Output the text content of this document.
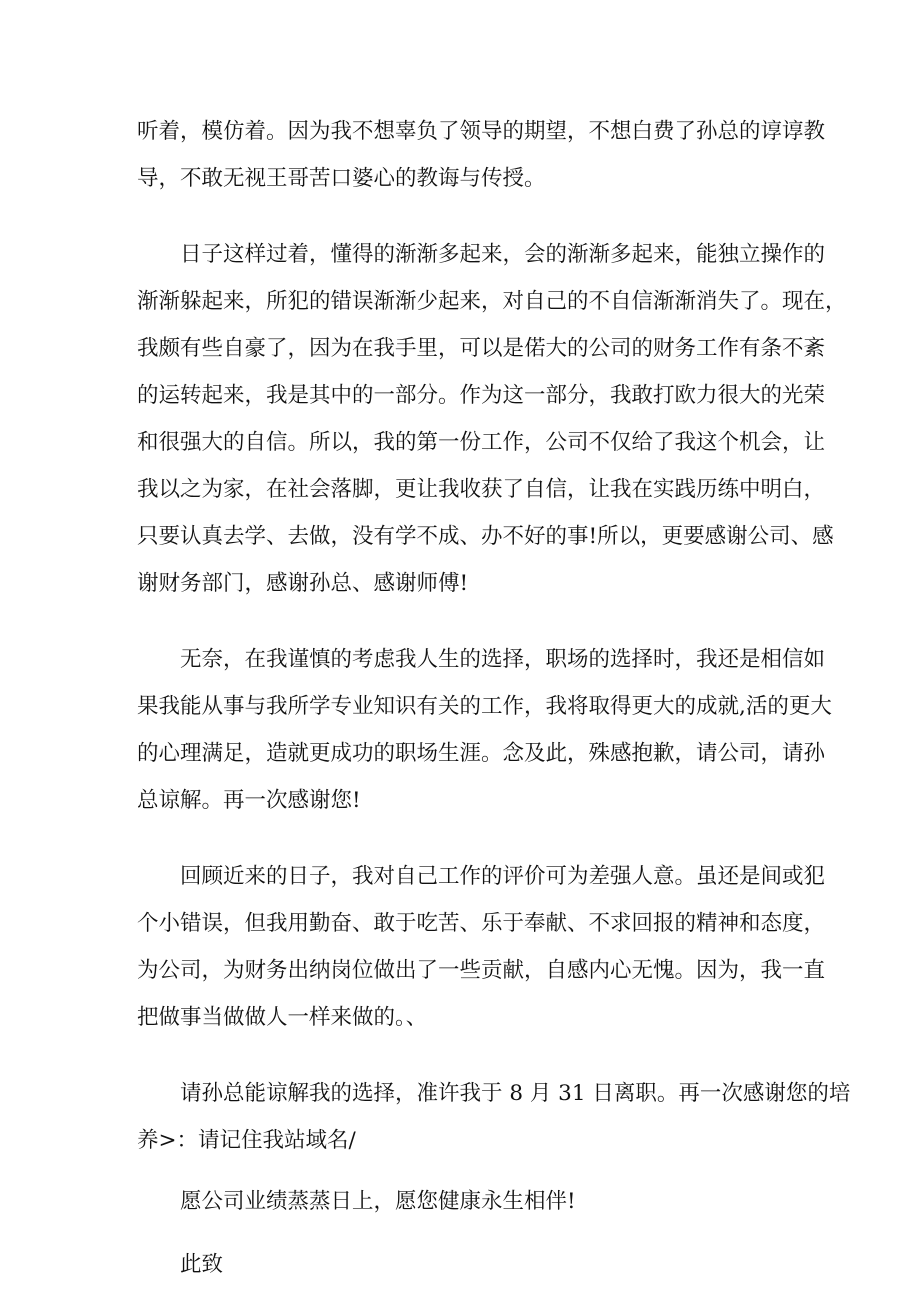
听着，模仿着。因为我不想辜负了领导的期望，不想白费了孙总的谆谆教
导，不敢无视王哥苦口婆心的教诲与传授。
日子这样过着，懂得的渐渐多起来，会的渐渐多起来，能独立操作的
渐渐躲起来，所犯的错误渐渐少起来，对自己的不自信渐渐消失了。现在，
我颇有些自豪了，因为在我手里，可以是偌大的公司的财务工作有条不紊
的运转起来，我是其中的一部分。作为这一部分，我敢打欧力很大的光荣
和很强大的自信。所以，我的第一份工作，公司不仅给了我这个机会，让
我以之为家，在社会落脚，更让我收获了自信，让我在实践历练中明白，
只要认真去学、去做，没有学不成、办不好的事!所以，更要感谢公司、感
谢财务部门，感谢孙总、感谢师傅!
无奈，在我谨慎的考虑我人生的选择，职场的选择时，我还是相信如
果我能从事与我所学专业知识有关的工作，我将取得更大的成就,活的更大
的心理满足，造就更成功的职场生涯。念及此，殊感抱歉，请公司，请孙
总谅解。再一次感谢您!
回顾近来的日子，我对自己工作的评价可为差强人意。虽还是间或犯
个小错误，但我用勤奋、敢于吃苦、乐于奉献、不求回报的精神和态度，
为公司，为财务出纳岗位做出了一些贡献，自感内心无愧。因为，我一直
把做事当做做人一样来做的。、
请孙总能谅解我的选择，准许我于 8 月 31 日离职。再一次感谢您的培
养>：请记住我站域名/
愿公司业绩蒸蒸日上，愿您健康永生相伴!
此致
